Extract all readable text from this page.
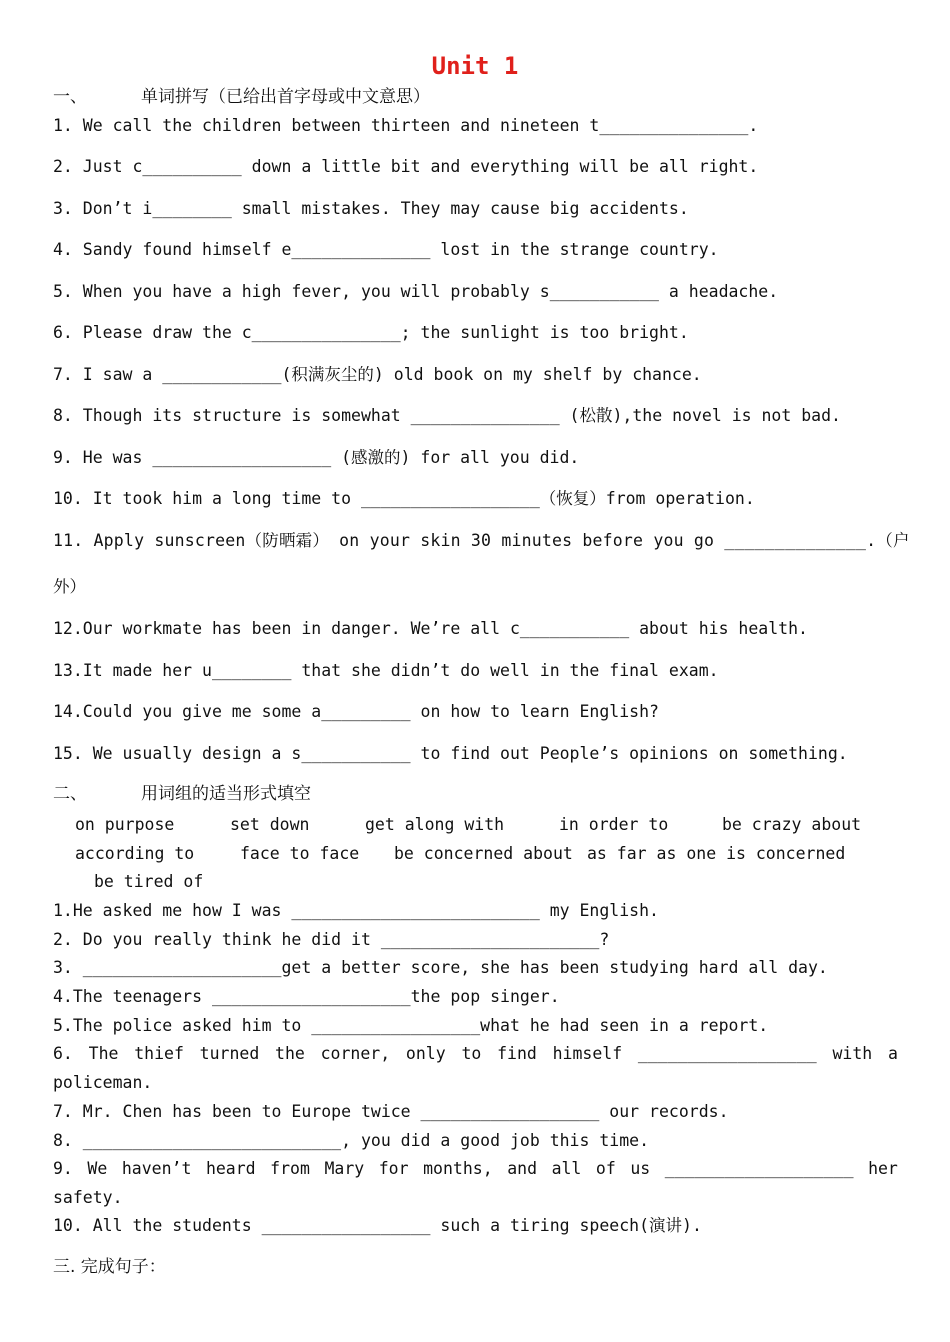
Unit 1
一、	单词拼写（已给出首字母或中文意思）
1. We call the children between thirteen and nineteen t_______________.
2. Just c__________ down a little bit and everything will be all right.
3. Don’t i________ small mistakes. They may cause big accidents.
4. Sandy found himself e______________ lost in the strange country.
5. When you have a high fever, you will probably s___________ a headache.
6. Please draw the c_______________; the sunlight is too bright.
7. I saw a ____________(积满灰尘的) old book on my shelf by chance.
8. Though its structure is somewhat _______________ (松散),the novel is not bad.
9. He was __________________ (感激的) for all you did.
10. It took him a long time to __________________（恢复）from operation.
11. Apply sunscreen（防晒霜） on your skin 30 minutes before you go ______________.（户
外）
12.Our workmate has been in danger. We’re all c___________ about his health.
13.It made her u________ that she didn’t do well in the final exam.
14.Could you give me some a_________ on how to learn English?
15. We usually design a s___________ to find out People’s opinions on something.
二、	用词组的适当形式填空
on purpose	set down	get along with	in order to	be crazy about
according to	face to face be concerned about as far as one is concerned
be tired of
1.He asked me how I was _________________________ my English.
2. Do you really think he did it ______________________?
3. ____________________get a better score, she has been studying hard all day.
4.The teenagers ____________________the pop singer.
5.The police asked him to _________________what he had seen in a report.
6. The thief turned the corner, only to find himself __________________ with a
policeman.
7. Mr. Chen has been to Europe twice __________________ our records.
8. __________________________, you did a good job this time.
9. We haven’t heard from Mary for months, and all of us ___________________ her
safety.
10. All the students _________________ such a tiring speech(演讲).
三. 完成句子：
